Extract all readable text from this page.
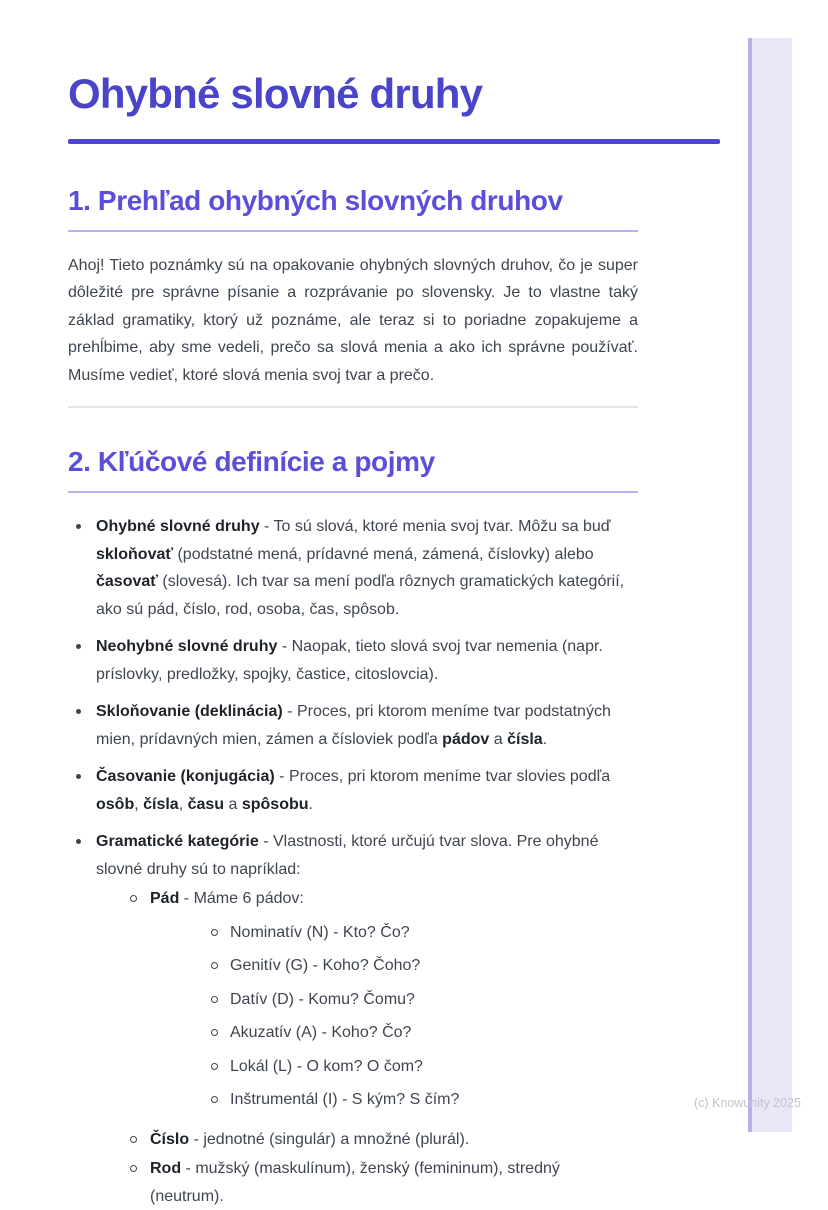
Ohybné slovné druhy
1. Prehľad ohybných slovných druhov

Ahoj! Tieto poznámky sú na opakovanie ohybných slovných druhov, čo je super dôležité pre správne písanie a rozprávanie po slovensky. Je to vlastne taký základ gramatiky, ktorý už poznáme, ale teraz si to poriadne zopakujeme a prehĺbime, aby sme vedeli, prečo sa slová menia a ako ich správne používať. Musíme vedieť, ktoré slová menia svoj tvar a prečo.

2. Kľúčové definície a pojmy
Ohybné slovné druhy - To sú slová, ktoré menia svoj tvar. Môžu sa buď skloňovať (podstatné mená, prídavné mená, zámená, číslovky) alebo časovať (slovesá). Ich tvar sa mení podľa rôznych gramatických kategórií, ako sú pád, číslo, rod, osoba, čas, spôsob.
Neohybné slovné druhy - Naopak, tieto slová svoj tvar nemenia (napr. príslovky, predložky, spojky, častice, citoslovcia).
Skloňovanie (deklinácia) - Proces, pri ktorom meníme tvar podstatných mien, prídavných mien, zámen a čísloviek podľa pádov a čísla.
Časovanie (konjugácia) - Proces, pri ktorom meníme tvar slovies podľa osôb, čísla, času a spôsobu.
Gramatické kategórie - Vlastnosti, ktoré určujú tvar slova. Pre ohybné slovné druhy sú to napríklad:
Pád - Máme 6 pádov:
Nominatív (N) - Kto? Čo?
Genitív (G) - Koho? Čoho?
Datív (D) - Komu? Čomu?
Akuzatív (A) - Koho? Čo?
Lokál (L) - O kom? O čom?
Inštrumentál (I) - S kým? S čím?
Číslo - jednotné (singulár) a množné (plurál).
Rod - mužský (maskulínum), ženský (femininum), stredný (neutrum).
(c) Knowunity 2025
